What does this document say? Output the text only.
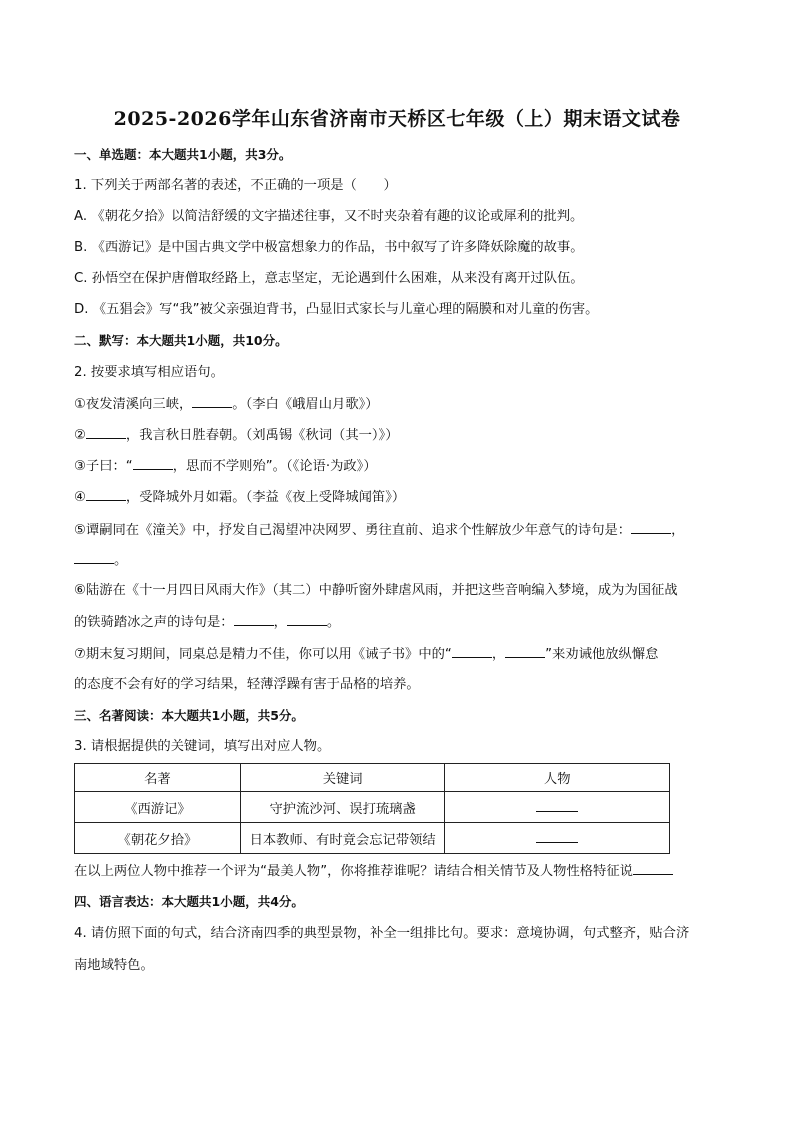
2025-2026学年山东省济南市天桥区七年级（上）期末语文试卷
一、单选题：本大题共1小题，共3分。
1. 下列关于两部名著的表述，不正确的一项是（　　）
A. 《朝花夕拾》以简洁舒缓的文字描述往事，又不时夹杂着有趣的议论或犀利的批判。
B. 《西游记》是中国古典文学中极富想象力的作品，书中叙写了许多降妖除魔的故事。
C. 孙悟空在保护唐僧取经路上，意志坚定，无论遇到什么困难，从来没有离开过队伍。
D. 《五猖会》写“我”被父亲强迫背书，凸显旧式家长与儿童心理的隔膜和对儿童的伤害。
二、默写：本大题共1小题，共10分。
2. 按要求填写相应语句。
①夜发清溪向三峡，	。（李白《峨眉山月歌》）
②	，我言秋日胜春朝。（刘禹锡《秋词（其一）》）
③子曰：“	，思而不学则殆”。（《论语·为政》）
④	，受降城外月如霜。（李益《夜上受降城闻笛》）
⑤谭嗣同在《潼关》中，抒发自己渴望冲决网罗、勇往直前、追求个性解放少年意气的诗句是：	，
。
⑥陆游在《十一月四日风雨大作》（其二）中静听窗外肆虐风雨，并把这些音响编入梦境，成为为国征战
的铁骑踏冰之声的诗句是：	，	。
⑦期末复习期间，同桌总是精力不佳，你可以用《诫子书》中的“	，	”来劝诫他放纵懈怠
的态度不会有好的学习结果，轻薄浮躁有害于品格的培养。
三、名著阅读：本大题共1小题，共5分。
3. 请根据提供的关键词，填写出对应人物。
名著	关键词	人物
《西游记》	守护流沙河、误打琉璃盏	
《朝花夕拾》	日本教师、有时竟会忘记带领结	
在以上两位人物中推荐一个评为“最美人物”，你将推荐谁呢？请结合相关情节及人物性格特征说
四、语言表达：本大题共1小题，共4分。
4. 请仿照下面的句式，结合济南四季的典型景物，补全一组排比句。要求：意境协调，句式整齐，贴合济
南地域特色。
